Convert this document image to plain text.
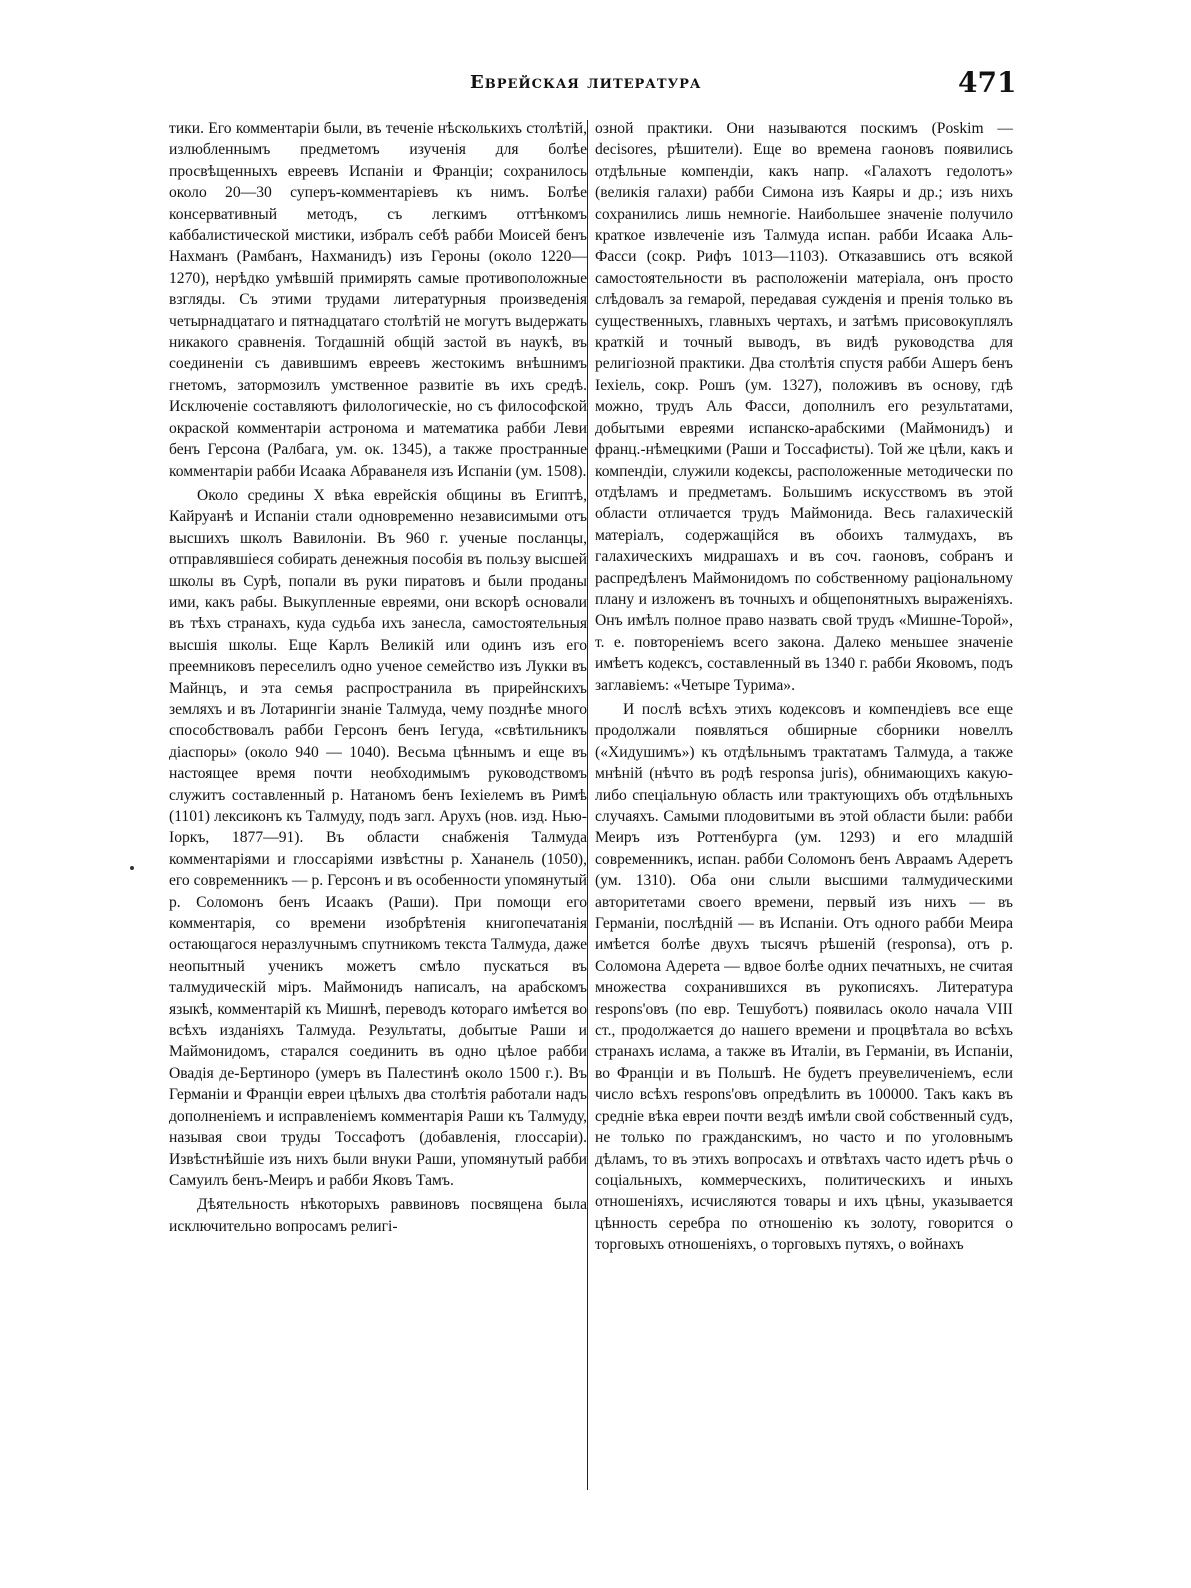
Еврейская литература	471

тики. Его комментаріи были, въ теченіе нѣсколькихъ столѣтій, излюбленнымъ предметомъ изученія для болѣе просвѣщенныхъ евреевъ Испаніи и Франціи; сохранилось около 20—30 суперъ-комментаріевъ къ нимъ. Болѣе консервативный методъ, съ легкимъ оттѣнкомъ каббалистической мистики, избралъ себѣ рабби Моисей бенъ Нахманъ (Рамбанъ, Нахманидъ) изъ Героны (около 1220—1270), нерѣдко умѣвшій примирять самые противоположные взгляды. Съ этими трудами литературныя произведенія четырнадцатаго и пятнадцатаго столѣтій не могутъ выдержать никакого сравненія. Тогдашній общій застой въ наукѣ, въ соединеніи съ давившимъ евреевъ жестокимъ внѣшнимъ гнетомъ, затормозилъ умственное развитіе въ ихъ средѣ. Исключеніе составляютъ филологическіе, но съ философской окраской комментаріи астронома и математика рабби Леви бенъ Герсона (Ралбага, ум. ок. 1345), а также пространные комментаріи рабби Исаака Абраванеля изъ Испаніи (ум. 1508).

Около средины X вѣка еврейскія общины въ Египтѣ, Кайруанѣ и Испаніи стали одновременно независимыми отъ высшихъ школъ Вавилоніи. Въ 960 г. ученые посланцы, отправлявшіеся собирать денежныя пособія въ пользу высшей школы въ Сурѣ, попали въ руки пиратовъ и были проданы ими, какъ рабы. Выкупленные евреями, они вскорѣ основали въ тѣхъ странахъ, куда судьба ихъ занесла, самостоятельныя высшія школы. Еще Карлъ Великій или одинъ изъ его преемниковъ переселилъ одно ученое семейство изъ Лукки въ Майнцъ, и эта семья распространила въ прирейнскихъ земляхъ и въ Лотарингіи знаніе Талмуда, чему позднѣе много способствовалъ рабби Герсонъ бенъ Іегуда, «свѣтильникъ діаспоры» (около 940 — 1040). Весьма цѣннымъ и еще въ настоящее время почти необходимымъ руководствомъ служитъ составленный р. Натаномъ бенъ Іехіелемъ въ Римѣ (1101) лексиконъ къ Талмуду, подъ загл. Арухъ (нов. изд. Нью-Іоркъ, 1877—91). Въ области снабженія Талмуда комментаріями и глоссаріями извѣстны р. Хананель (1050), его современникъ — р. Герсонъ и въ особенности упомянутый р. Соломонъ бенъ Исаакъ (Раши). При помощи его комментарія, со времени изобрѣтенія книгопечатанія остающагося неразлучнымъ спутникомъ текста Талмуда, даже неопытный ученикъ можетъ смѣло пускаться въ талмудическій міръ. Маймонидъ написалъ, на арабскомъ языкѣ, комментарій къ Мишнѣ, переводъ котораго имѣется во всѣхъ изданіяхъ Талмуда. Результаты, добытые Раши и Маймонидомъ, старался соединить въ одно цѣлое рабби Овадія де-Бертиноро (умеръ въ Палестинѣ около 1500 г.). Въ Германіи и Франціи евреи цѣлыхъ два столѣтія работали надъ дополненіемъ и исправленіемъ комментарія Раши къ Талмуду, называя свои труды Тоссафотъ (добавленія, глоссаріи). Извѣстнѣйшіе изъ нихъ были внуки Раши, упомянутый рабби Самуилъ бенъ-Меиръ и рабби Яковъ Тамъ.

Дѣятельность нѣкоторыхъ раввиновъ посвящена была исключительно вопросамъ религі-

озной практики. Они называются поскимъ (Poskim — decisores, рѣшители). Еще во времена гаоновъ появились отдѣльные компендіи, какъ напр. «Галахотъ гедолотъ» (великія галахи) рабби Симона изъ Каяры и др.; изъ нихъ сохранились лишь немногіе. Наибольшее значеніе получило краткое извлеченіе изъ Талмуда испан. рабби Исаака Аль-Фасси (сокр. Рифъ 1013—1103). Отказавшись отъ всякой самостоятельности въ расположеніи матеріала, онъ просто слѣдовалъ за гемарой, передавая сужденія и пренія только въ существенныхъ, главныхъ чертахъ, и затѣмъ присовокуплялъ краткій и точный выводъ, въ видѣ руководства для религіозной практики. Два столѣтія спустя рабби Ашеръ бенъ Іехіель, сокр. Рошъ (ум. 1327), положивъ въ основу, гдѣ можно, трудъ Аль Фасси, дополнилъ его результатами, добытыми евреями испанско-арабскими (Маймонидъ) и франц.-нѣмецкими (Раши и Тоссафисты). Той же цѣли, какъ и компендіи, служили кодексы, расположенные методически по отдѣламъ и предметамъ. Большимъ искусствомъ въ этой области отличается трудъ Маймонида. Весь галахическій матеріалъ, содержащійся въ обоихъ талмудахъ, въ галахическихъ мидрашахъ и въ соч. гаоновъ, собранъ и распредѣленъ Маймонидомъ по собственному раціональному плану и изложенъ въ точныхъ и общепонятныхъ выраженіяхъ. Онъ имѣлъ полное право назвать свой трудъ «Мишне-Торой», т. е. повтореніемъ всего закона. Далеко меньшее значеніе имѣетъ кодексъ, составленный въ 1340 г. рабби Яковомъ, подъ заглавіемъ: «Четыре Турима».

И послѣ всѣхъ этихъ кодексовъ и компендіевъ все еще продолжали появляться обширные сборники новеллъ («Хидушимъ») къ отдѣльнымъ трактатамъ Талмуда, а также мнѣній (нѣчто въ родѣ responsa juris), обнимающихъ какую-либо спеціальную область или трактующихъ объ отдѣльныхъ случаяхъ. Самыми плодовитыми въ этой области были: рабби Меиръ изъ Роттенбурга (ум. 1293) и его младшій современникъ, испан. рабби Соломонъ бенъ Авраамъ Адеретъ (ум. 1310). Оба они слыли высшими талмудическими авторитетами своего времени, первый изъ нихъ — въ Германіи, послѣдній — въ Испаніи. Отъ одного рабби Меира имѣется болѣе двухъ тысячъ рѣшеній (responsa), отъ р. Соломона Адерета — вдвое болѣе одних печатныхъ, не считая множества сохранившихся въ рукописяхъ. Литература respons'овъ (по евр. Тешуботъ) появилась около начала VIII ст., продолжается до нашего времени и процвѣтала во всѣхъ странахъ ислама, а также въ Италіи, въ Германіи, въ Испаніи, во Франціи и въ Польшѣ. Не будетъ преувеличеніемъ, если число всѣхъ respons'овъ опредѣлить въ 100000. Такъ какъ въ средніе вѣка евреи почти вездѣ имѣли свой собственный судъ, не только по гражданскимъ, но часто и по уголовнымъ дѣламъ, то въ этихъ вопросахъ и отвѣтахъ часто идетъ рѣчь о соціальныхъ, коммерческихъ, политическихъ и иныхъ отношеніяхъ, исчисляются товары и ихъ цѣны, указывается цѣнность серебра по отношенію къ золоту, говорится о торговыхъ отношеніяхъ, о торговыхъ путяхъ, о войнахъ
